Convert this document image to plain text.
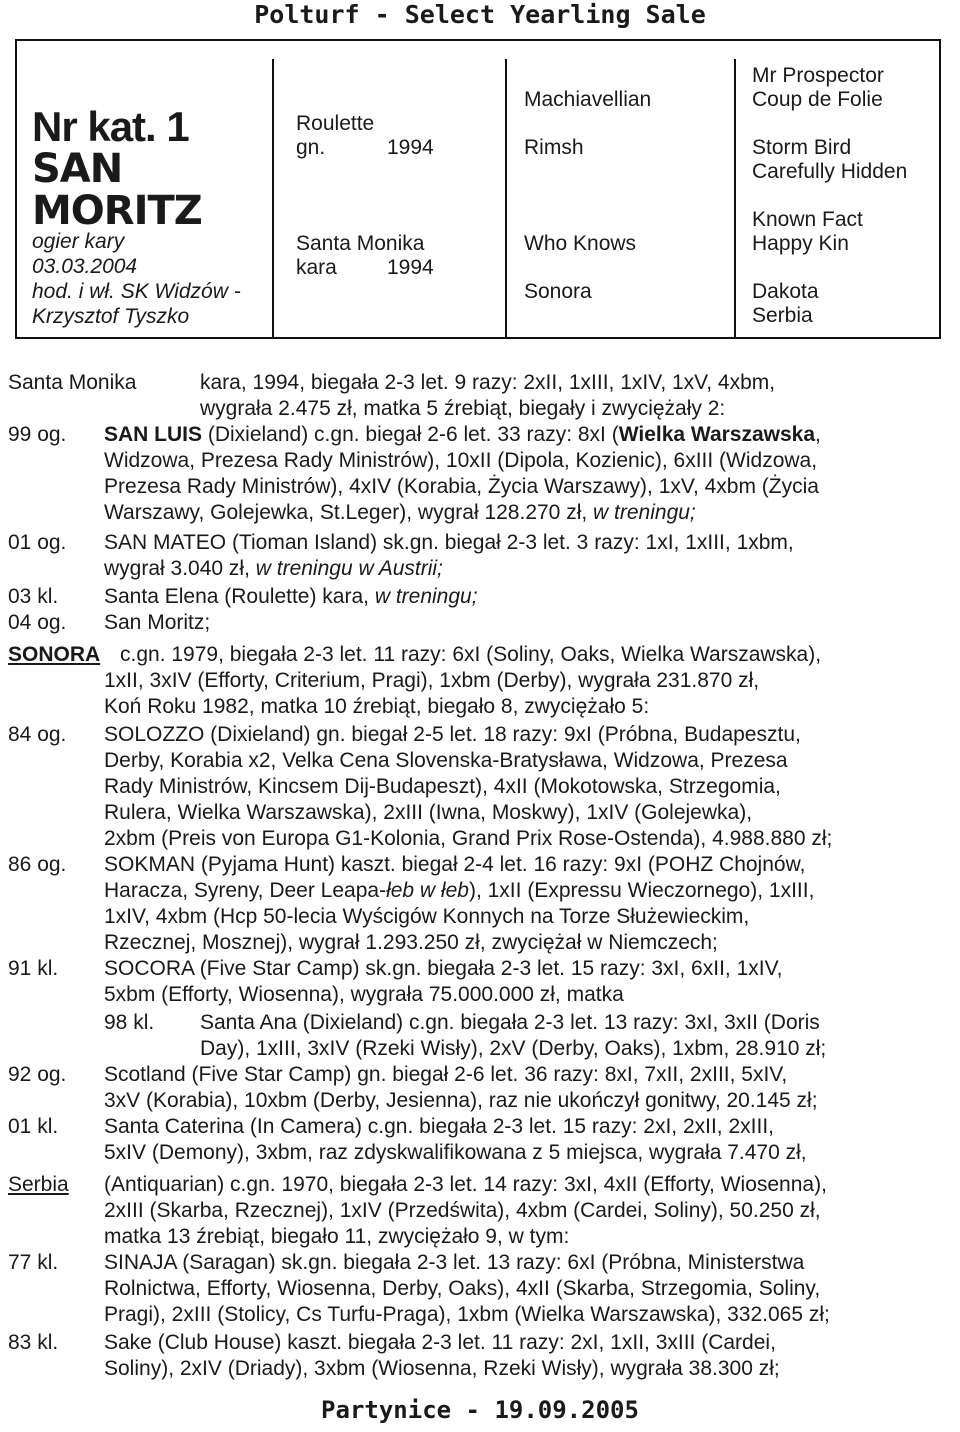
Polturf - Select Yearling Sale
Nr kat. 1
SAN
MORITZ
ogier kary
03.03.2004
hod. i wł. SK Widzów -
Krzysztof Tyszko
Roulette
gn.	1994
Santa Monika
kara 1994
Machiavellian
Rimsh
Who Knows
Sonora
Mr Prospector
Coup de Folie
Storm Bird
Carefully Hidden
Known Fact
Happy Kin
Dakota
Serbia
Santa Monika	kara, 1994, biegała 2-3 let. 9 razy: 2xII, 1xIII, 1xIV, 1xV, 4xbm,
wygrała 2.475 zł, matka 5 źrebiąt, biegały i zwyciężały 2:
99 og. SAN LUIS (Dixieland) c.gn. biegał 2-6 let. 33 razy: 8xI (Wielka Warszawska,
Widzowa, Prezesa Rady Ministrów), 10xII (Dipola, Kozienic), 6xIII (Widzowa,
Prezesa Rady Ministrów), 4xIV (Korabia, Życia Warszawy), 1xV, 4xbm (Życia
Warszawy, Golejewka, St.Leger), wygrał 128.270 zł, w treningu;
01 og. SAN MATEO (Tioman Island) sk.gn. biegał 2-3 let. 3 razy: 1xI, 1xIII, 1xbm,
wygrał 3.040 zł, w treningu w Austrii;
03 kl. Santa Elena (Roulette) kara, w treningu;
04 og. San Moritz;
SONORA c.gn. 1979, biegała 2-3 let. 11 razy: 6xI (Soliny, Oaks, Wielka Warszawska),
1xII, 3xIV (Efforty, Criterium, Pragi), 1xbm (Derby), wygrała 231.870 zł,
Koń Roku 1982, matka 10 źrebiąt, biegało 8, zwyciężało 5:
84 og. SOLOZZO (Dixieland) gn. biegał 2-5 let. 18 razy: 9xI (Próbna, Budapesztu,
Derby, Korabia x2, Velka Cena Slovenska-Bratysława, Widzowa, Prezesa
Rady Ministrów, Kincsem Dij-Budapeszt), 4xII (Mokotowska, Strzegomia,
Rulera, Wielka Warszawska), 2xIII (Iwna, Moskwy), 1xIV (Golejewka),
2xbm (Preis von Europa G1-Kolonia, Grand Prix Rose-Ostenda), 4.988.880 zł;
86 og. SOKMAN (Pyjama Hunt) kaszt. biegał 2-4 let. 16 razy: 9xI (POHZ Chojnów,
Haracza, Syreny, Deer Leapa-łeb w łeb), 1xII (Expressu Wieczornego), 1xIII,
1xIV, 4xbm (Hcp 50-lecia Wyścigów Konnych na Torze Służewieckim,
Rzecznej, Mosznej), wygrał 1.293.250 zł, zwyciężał w Niemczech;
91 kl. SOCORA (Five Star Camp) sk.gn. biegała 2-3 let. 15 razy: 3xI, 6xII, 1xIV,
5xbm (Efforty, Wiosenna), wygrała 75.000.000 zł, matka
98 kl. Santa Ana (Dixieland) c.gn. biegała 2-3 let. 13 razy: 3xI, 3xII (Doris
Day), 1xIII, 3xIV (Rzeki Wisły), 2xV (Derby, Oaks), 1xbm, 28.910 zł;
92 og. Scotland (Five Star Camp) gn. biegał 2-6 let. 36 razy: 8xI, 7xII, 2xIII, 5xIV,
3xV (Korabia), 10xbm (Derby, Jesienna), raz nie ukończył gonitwy, 20.145 zł;
01 kl. Santa Caterina (In Camera) c.gn. biegała 2-3 let. 15 razy: 2xI, 2xII, 2xIII,
5xIV (Demony), 3xbm, raz zdyskwalifikowana z 5 miejsca, wygrała 7.470 zł,
Serbia (Antiquarian) c.gn. 1970, biegała 2-3 let. 14 razy: 3xI, 4xII (Efforty, Wiosenna),
2xIII (Skarba, Rzecznej), 1xIV (Przedświta), 4xbm (Cardei, Soliny), 50.250 zł,
matka 13 źrebiąt, biegało 11, zwyciężało 9, w tym:
77 kl. SINAJA (Saragan) sk.gn. biegała 2-3 let. 13 razy: 6xI (Próbna, Ministerstwa
Rolnictwa, Efforty, Wiosenna, Derby, Oaks), 4xII (Skarba, Strzegomia, Soliny,
Pragi), 2xIII (Stolicy, Cs Turfu-Praga), 1xbm (Wielka Warszawska), 332.065 zł;
83 kl. Sake (Club House) kaszt. biegała 2-3 let. 11 razy: 2xI, 1xII, 3xIII (Cardei,
Soliny), 2xIV (Driady), 3xbm (Wiosenna, Rzeki Wisły), wygrała 38.300 zł;
Partynice - 19.09.2005
